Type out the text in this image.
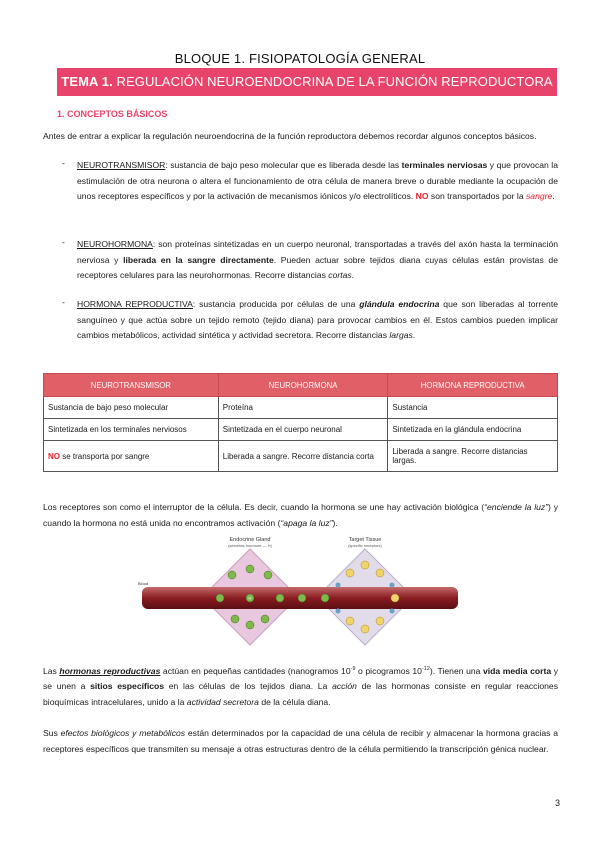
BLOQUE 1. FISIOPATOLOGÍA GENERAL
TEMA 1. REGULACIÓN NEUROENDOCRINA DE LA FUNCIÓN REPRODUCTORA
1. CONCEPTOS BÁSICOS
Antes de entrar a explicar la regulación neuroendocrina de la función reproductora debemos recordar algunos conceptos básicos.
- NEUROTRANSMISOR: sustancia de bajo peso molecular que es liberada desde las terminales nerviosas y que provocan la estimulación de otra neurona o altera el funcionamiento de otra célula de manera breve o durable mediante la ocupación de unos receptores específicos y por la activación de mecanismos iónicos y/o electrolíticos. NO son transportados por la sangre.
- NEUROHORMONA: son proteínas sintetizadas en un cuerpo neuronal, transportadas a través del axón hasta la terminación nerviosa y liberada en la sangre directamente. Pueden actuar sobre tejidos diana cuyas células están provistas de receptores celulares para las neurohormonas. Recorre distancias cortas.
- HORMONA REPRODUCTIVA: sustancia producida por células de una glándula endocrina que son liberadas al torrente sanguíneo y que actúa sobre un tejido remoto (tejido diana) para provocar cambios en él. Estos cambios pueden implicar cambios metabólicos, actividad sintética y actividad secretora. Recorre distancias largas.
NEUROTRANSMISOR	NEUROHORMONA	HORMONA REPRODUCTIVA
Sustancia de bajo peso molecular	Proteína	Sustancia
Sintetizada en los terminales nerviosos	Sintetizada en el cuerpo neuronal	Sintetizada en la glándula endocrina
NO se transporta por sangre	Liberada a sangre. Recorre distancia corta	Liberada a sangre. Recorre distancias largas.
Los receptores son como el interruptor de la célula. Es decir, cuando la hormona se une hay activación biológica (“enciende la luz”) y cuando la hormona no está unida no encontramos activación (“apaga la luz”).
Endocrine Gland
(secretes hormone — H)
Target Tissue
(specific receptors)
Blood
H
Las hormonas reproductivas actúan en pequeñas cantidades (nanogramos $10^{-9}$ o picogramos $10^{-12}$). Tienen una vida media corta y se unen a sitios específicos en las células de los tejidos diana. La acción de las hormonas consiste en regular reacciones bioquímicas intracelulares, unido a la actividad secretora de la célula diana.
Sus efectos biológicos y metabólicos están determinados por la capacidad de una célula de recibir y almacenar la hormona gracias a receptores específicos que transmiten su mensaje a otras estructuras dentro de la célula permitiendo la transcripción génica nuclear.
3
